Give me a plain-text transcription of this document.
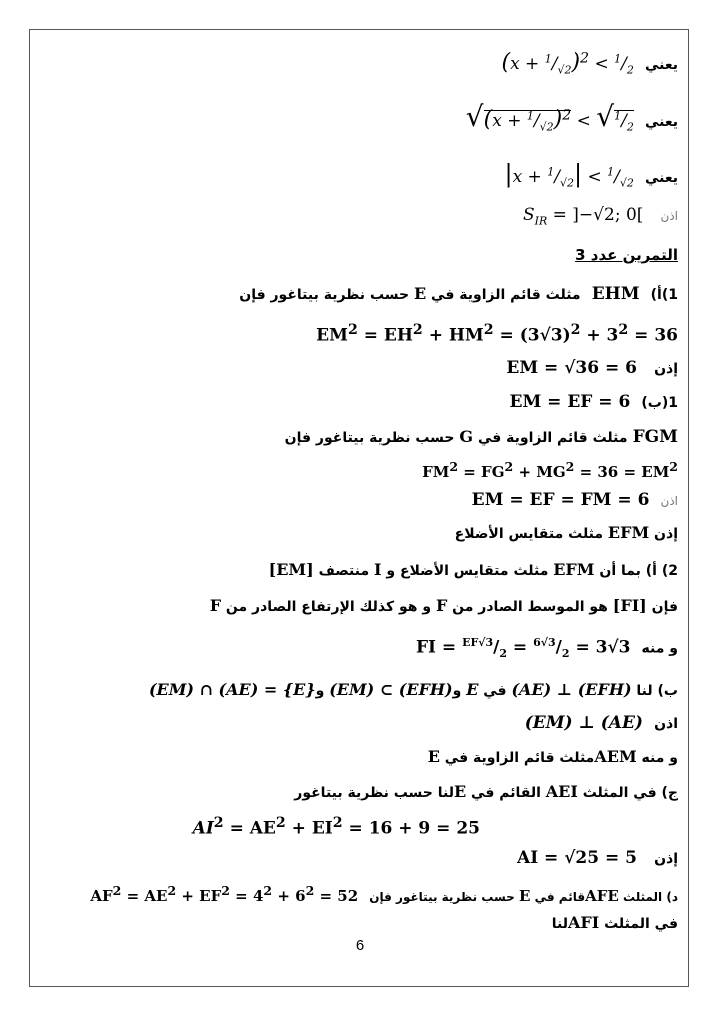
يعني $(x + ^1/_{√2})^2 < ^1/_2$
يعني $√(x + ^1/_{√2})^2 < √^1/_2$
يعني $|x + ^1/_{√2}| < ^1/_{√2}$
اذن $S_{IR} = ]-√2$; 0[
التمرين عدد 3
1)أ) EHM مثلث قائم الزاوية في E حسب نظرية بيتاغور فإن
$EM^2 = EH^2 + HM^2 = (3√3)^2 + 3^2 = 36$
إذن EM = √36 = 6
1(ب) EM = EF = 6
FGM مثلث قائم الزاوية في G حسب نظرية بيتاغور فإن
$FM^2 = FG^2 + MG^2 = 36 = EM^2$
اذن EM = EF = FM = 6
إذن EFM مثلث متقايس الأضلاع
2) أ) بما أن EFM مثلث متقايس الأضلاع و I منتصف [EM]
فإن [FI] هو الموسط الصادر من F و هو كذلك الإرتفاع الصادر من F
و منه FI = $^{EF√3}/_2 = ^{6√3}/_2 = 3√3$
ب) لنا (AE) ⊥ (EFH) في E و(EM) ⊂ (EFH) و(EM) ∩ (AE) = {E}
اذن (EM) ⊥ (AE)
و منه AEMمثلث قائم الزاوية في E
ج) في المثلث AEI القائم في Eلنا حسب نظرية بيتاغور
$AI^2 = AE^2 + EI^2 = 16 + 9 = 25$
إذن AI = √25 = 5
د) المثلث AFEقائم في E حسب نظرية بيتاغور فإن $AF^2 = AE^2 + EF^2 = 4^2 + 6^2 = 52$
في المثلث AFIلنا
6
